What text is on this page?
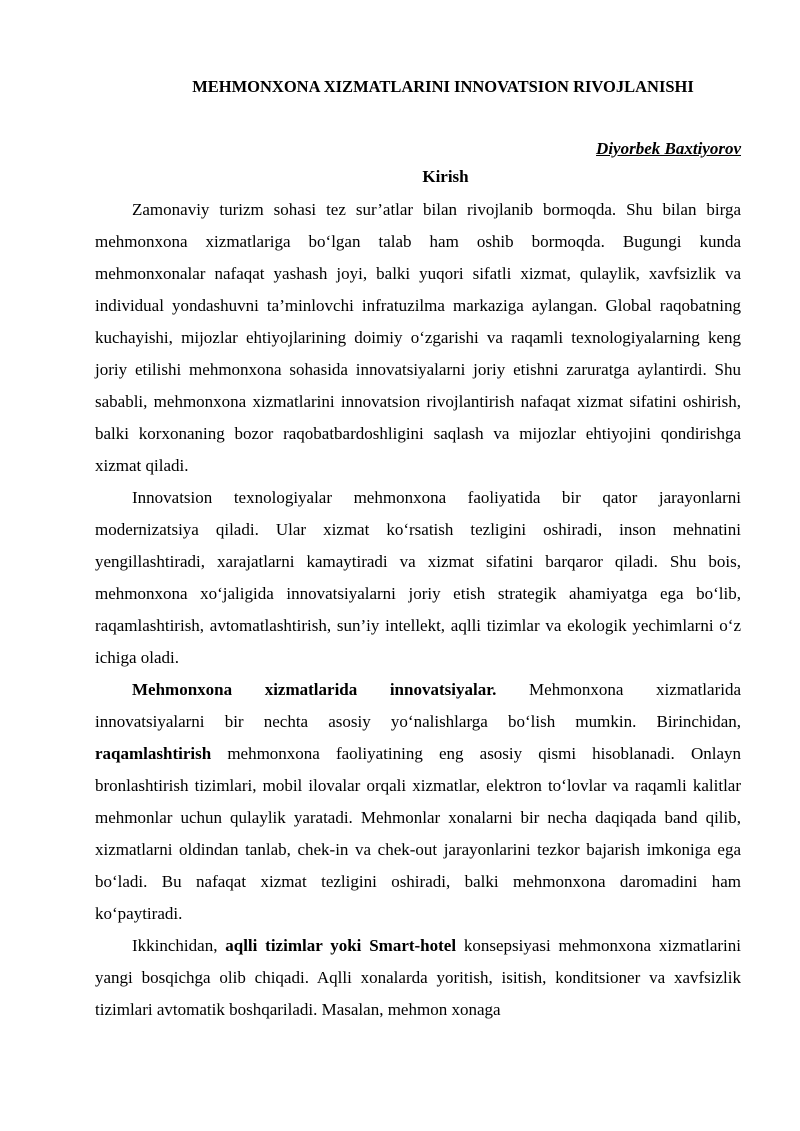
MEHMONXONA XIZMATLARINI INNOVATSION RIVOJLANISHI
Diyorbek Baxtiyorov
Kirish

Zamonaviy turizm sohasi tez sur’atlar bilan rivojlanib bormoqda. Shu bilan birga mehmonxona xizmatlariga bo‘lgan talab ham oshib bormoqda. Bugungi kunda mehmonxonalar nafaqat yashash joyi, balki yuqori sifatli xizmat, qulaylik, xavfsizlik va individual yondashuvni ta’minlovchi infratuzilma markaziga aylangan. Global raqobatning kuchayishi, mijozlar ehtiyojlarining doimiy o‘zgarishi va raqamli texnologiyalarning keng joriy etilishi mehmonxona sohasida innovatsiyalarni joriy etishni zaruratga aylantirdi. Shu sababli, mehmonxona xizmatlarini innovatsion rivojlantirish nafaqat xizmat sifatini oshirish, balki korxonaning bozor raqobatbardoshligini saqlash va mijozlar ehtiyojini qondirishga xizmat qiladi.

Innovatsion texnologiyalar mehmonxona faoliyatida bir qator jarayonlarni modernizatsiya qiladi. Ular xizmat ko‘rsatish tezligini oshiradi, inson mehnatini yengillashtiradi, xarajatlarni kamaytiradi va xizmat sifatini barqaror qiladi. Shu bois, mehmonxona xo‘jaligida innovatsiyalarni joriy etish strategik ahamiyatga ega bo‘lib, raqamlashtirish, avtomatlashtirish, sun’iy intellekt, aqlli tizimlar va ekologik yechimlarni o‘z ichiga oladi.

Mehmonxona xizmatlarida innovatsiyalar. Mehmonxona xizmatlarida innovatsiyalarni bir nechta asosiy yo‘nalishlarga bo‘lish mumkin. Birinchidan, raqamlashtirish mehmonxona faoliyatining eng asosiy qismi hisoblanadi. Onlayn bronlashtirish tizimlari, mobil ilovalar orqali xizmatlar, elektron to‘lovlar va raqamli kalitlar mehmonlar uchun qulaylik yaratadi. Mehmonlar xonalarni bir necha daqiqada band qilib, xizmatlarni oldindan tanlab, chek-in va chek-out jarayonlarini tezkor bajarish imkoniga ega bo‘ladi. Bu nafaqat xizmat tezligini oshiradi, balki mehmonxona daromadini ham ko‘paytiradi.

Ikkinchidan, aqlli tizimlar yoki Smart-hotel konsepsiyasi mehmonxona xizmatlarini yangi bosqichga olib chiqadi. Aqlli xonalarda yoritish, isitish, konditsioner va xavfsizlik tizimlari avtomatik boshqariladi. Masalan, mehmon xonaga
